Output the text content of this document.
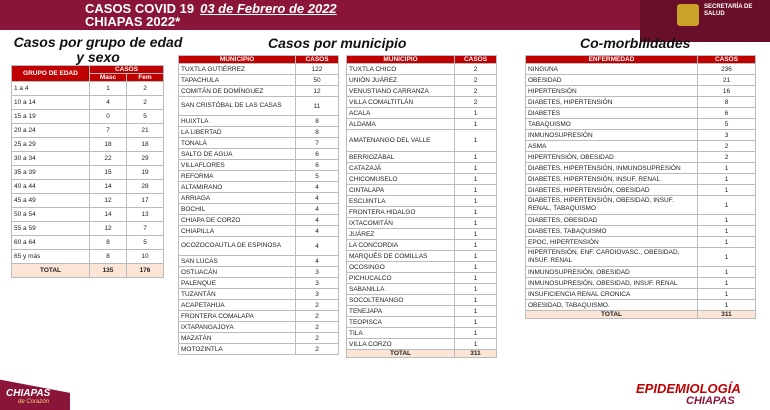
CASOS COVID 19 03 de Febrero de 2022
CHIAPAS 2022*
SECRETARÍA DE SALUD
Casos por grupo de edad y sexo
Casos por municipio	Co-morbilidades
GRUPO DE EDAD	CASOS	
	Masc	Fem
1 a 4	1	2
10 a 14	4	2
15 a 19	0	5
20 a 24	7	21
25 a 29	18	18
30 a 34	22	29
35 a 39	15	19
40 a 44	14	28
45 a 49	12	17
50 a 54	14	13
55 a 59	12	7
60 a 64	8	5
65 y más	8	10
TOTAL	135	176
MUNICIPIO	CASOS
TUXTLA GUTIÉRREZ	122
TAPACHULA	50
COMITÁN DE DOMÍNGUEZ	12
SAN CRISTÓBAL DE LAS CASAS	11
HUIXTLA	8
LA LIBERTAD	8
TONALÁ	7
SALTO DE AGUA	6
VILLAFLORES	6
REFORMA	5
ALTAMIRANO	4
ARRIAGA	4
BOCHIL	4
CHIAPA DE CORZO	4
CHIAPILLA	4
OCOZOCOAUTLA DE ESPINOSA	4
SAN LUCAS	4
OSTUACÁN	3
PALENQUE	3
TUZANTÁN	3
ACAPETAHUA	2
FRONTERA COMALAPA	2
IXTAPANGAJOYA	2
MAZATÁN	2
MOTOZINTLA	2
MUNICIPIO	CASOS
TUXTLA CHICO	2
UNIÓN JUÁREZ	2
VENUSTIANO CARRANZA	2
VILLA COMALTITLÁN	2
ACALA	1
ALDAMA	1
AMATENANGO DEL VALLE	1
BERRIOZÁBAL	1
CATAZAJÁ	1
CHICOMUSELO	1
CINTALAPA	1
ESCUINTLA	1
FRONTERA HIDALGO	1
IXTACOMITÁN	1
JUÁREZ	1
LA CONCORDIA	1
MARQUÉS DE COMILLAS	1
OCOSINGO	1
PICHUCALCO	1
SABANILLA	1
SOCOLTENANGO	1
TENEJAPA	1
TEOPISCA	1
TILA	1
VILLA CORZO	1
TOTAL	311
ENFERMEDAD	CASOS
NINGUNA	236
OBESIDAD	21
HIPERTENSIÓN	16
DIABETES, HIPERTENSIÓN	8
DIABETES	6
TABAQUISMO	5
INMUNOSUPRESIÓN	3
ASMA	2
HIPERTENSIÓN, OBESIDAD	2
DIABETES, HIPERTENSIÓN, INMUNOSUPRESIÓN	1
DIABETES, HIPERTENSIÓN, INSUF. RENAL	1
DIABETES, HIPERTENSIÓN, OBESIDAD	1
DIABETES, HIPERTENSIÓN, OBESIDAD, INSUF. RENAL, TABAQUISMO	1
DIABETES, OBESIDAD	1
DIABETES, TABAQUISMO	1
EPOC, HIPERTENSIÓN	1
HIPERTENSIÓN, ENF. CARDIOVASC., OBESIDAD, INSUF. RENAL	1
INMUNOSUPRESIÓN, OBESIDAD	1
INMUNOSUPRESIÓN, OBESIDAD, INSUF. RENAL	1
INSUFICIENCIA RENAL CRONICA	1
OBESIDAD, TABAQUISMO.	1
TOTAL	311
CHIAPAS
de Corazón
EPIDEMIOLOGÍA
CHIAPAS
